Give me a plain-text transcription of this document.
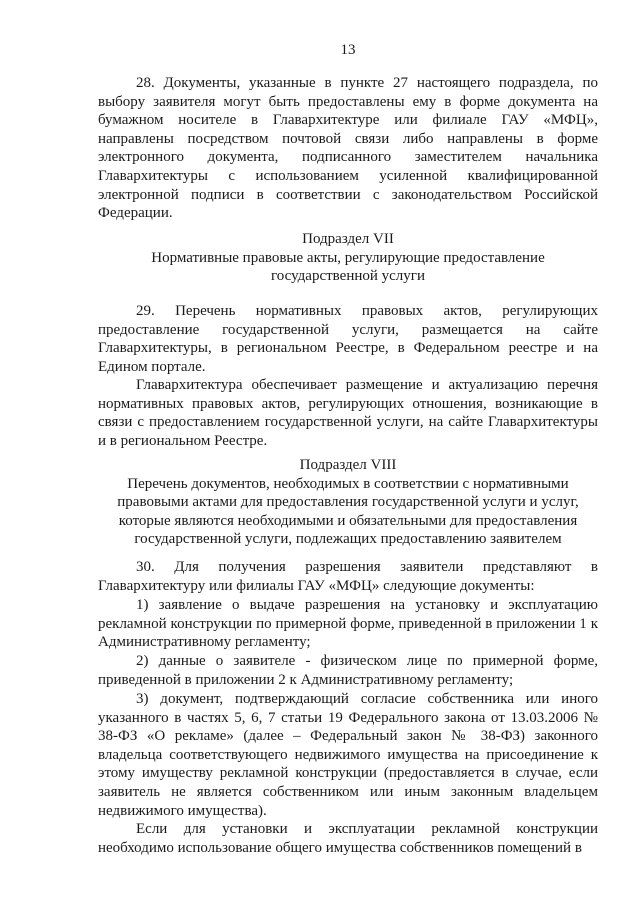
13

28. Документы, указанные в пункте 27 настоящего подраздела, по выбору заявителя могут быть предоставлены ему в форме документа на бумажном носителе в Главархитектуре или филиале ГАУ «МФЦ», направлены посредством почтовой связи либо направлены в форме электронного документа, подписанного заместителем начальника Главархитектуры с использованием усиленной квалифицированной электронной подписи в соответствии с законодательством Российской Федерации.

Подраздел VII

Нормативные правовые акты, регулирующие предоставление государственной услуги

29. Перечень нормативных правовых актов, регулирующих предоставление государственной услуги, размещается на сайте Главархитектуры, в региональном Реестре, в Федеральном реестре и на Едином портале.

Главархитектура обеспечивает размещение и актуализацию перечня нормативных правовых актов, регулирующих отношения, возникающие в связи с предоставлением государственной услуги, на сайте Главархитектуры и в региональном Реестре.

Подраздел VIII

Перечень документов, необходимых в соответствии с нормативными правовыми актами для предоставления государственной услуги и услуг, которые являются необходимыми и обязательными для предоставления государственной услуги, подлежащих предоставлению заявителем

30. Для получения разрешения заявители представляют в Главархитектуру или филиалы ГАУ «МФЦ» следующие документы:

1) заявление о выдаче разрешения на установку и эксплуатацию рекламной конструкции по примерной форме, приведенной в приложении 1 к Административному регламенту;

2) данные о заявителе - физическом лице по примерной форме, приведенной в приложении 2 к Административному регламенту;

3) документ, подтверждающий согласие собственника или иного указанного в частях 5, 6, 7 статьи 19 Федерального закона от 13.03.2006 № 38-ФЗ «О рекламе» (далее – Федеральный закон № 38-ФЗ) законного владельца соответствующего недвижимого имущества на присоединение к этому имуществу рекламной конструкции (предоставляется в случае, если заявитель не является собственником или иным законным владельцем недвижимого имущества).

Если для установки и эксплуатации рекламной конструкции необходимо использование общего имущества собственников помещений в
